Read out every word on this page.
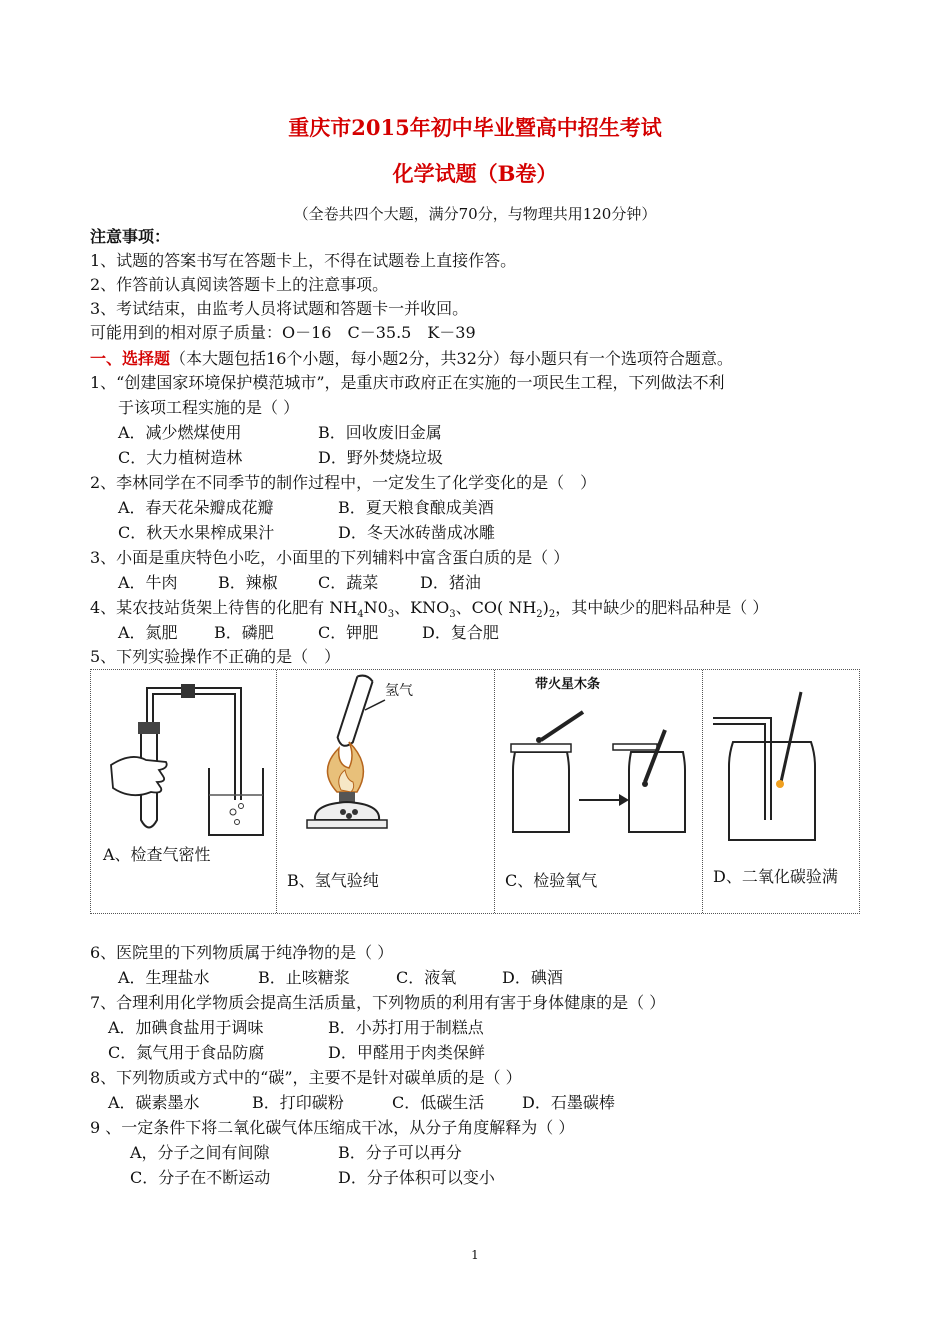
重庆市2015年初中毕业暨高中招生考试
化学试题（B卷）
（全卷共四个大题，满分70分，与物理共用120分钟）
注意事项：
1、试题的答案书写在答题卡上，不得在试题卷上直接作答。
2、作答前认真阅读答题卡上的注意事项。
3、考试结束，由监考人员将试题和答题卡一并收回。
可能用到的相对原子质量：O－16　C－35.5　K－39
一、选择题（本大题包括16个小题，每小题2分，共32分）每小题只有一个选项符合题意。
1、“创建国家环境保护模范城市”，是重庆市政府正在实施的一项民生工程，下列做法不利
于该项工程实施的是（ ）
A．减少燃煤使用	B．回收废旧金属
C．大力植树造林	D．野外焚烧垃圾
2、李林同学在不同季节的制作过程中，一定发生了化学变化的是（　）
A．春天花朵瓣成花瓣	B．夏天粮食酿成美酒
C．秋天水果榨成果汁	D．冬天冰砖凿成冰雕
3、小面是重庆特色小吃，小面里的下列辅料中富含蛋白质的是（ ）
A．牛肉	B．辣椒	C．蔬菜	D．猪油
4、某农技站货架上待售的化肥有 $NH_4N0_3$、$KNO_3$、CO( $NH_2)_2$，其中缺少的肥料品种是（ ）
A．氮肥 B．磷肥	C．钾肥	D．复合肥
5、下列实验操作不正确的是（　）
A、检查气密性
氢气
B、氢气验纯
带火星木条
C、检验氧气	D、二氧化碳验满
6、医院里的下列物质属于纯净物的是（ ）
A．生理盐水	B．止咳糖浆	C．液氧	D．碘酒
7、合理利用化学物质会提高生活质量，下列物质的利用有害于身体健康的是（ ）
A．加碘食盐用于调味	B．小苏打用于制糕点
C．氮气用于食品防腐	D．甲醛用于肉类保鲜
8、下列物质或方式中的“碳”，主要不是针对碳单质的是（ ）
A．碳素墨水	B．打印碳粉	C．低碳生活 D．石墨碳棒
9 、一定条件下将二氧化碳气体压缩成干冰，从分子角度解释为（ ）
A，分子之间有间隙	B．分子可以再分
C．分子在不断运动	D．分子体积可以变小
1
